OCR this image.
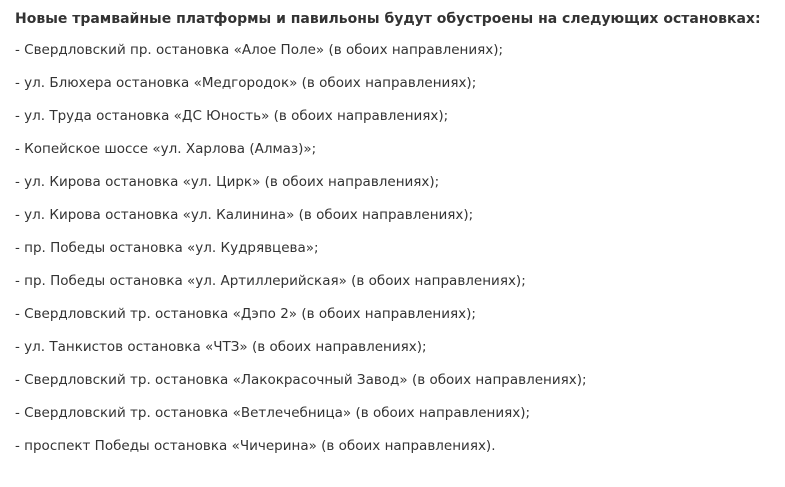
Новые трамвайные платформы и павильоны будут обустроены на следующих остановках:

- Свердловский пр. остановка «Алое Поле» (в обоих направлениях);
- ул. Блюхера остановка «Медгородок» (в обоих направлениях);
- ул. Труда остановка «ДС Юность» (в обоих направлениях);
- Копейское шоссе «ул. Харлова (Алмаз)»;
- ул. Кирова остановка «ул. Цирк» (в обоих направлениях);
- ул. Кирова остановка «ул. Калинина» (в обоих направлениях);
- пр. Победы остановка «ул. Кудрявцева»;
- пр. Победы остановка «ул. Артиллерийская» (в обоих направлениях);
- Свердловский тр. остановка «Дэпо 2» (в обоих направлениях);
- ул. Танкистов остановка «ЧТЗ» (в обоих направлениях);
- Свердловский тр. остановка «Лакокрасочный Завод» (в обоих направлениях);
- Свердловский тр. остановка «Ветлечебница» (в обоих направлениях);
- проспект Победы остановка «Чичерина» (в обоих направлениях).
